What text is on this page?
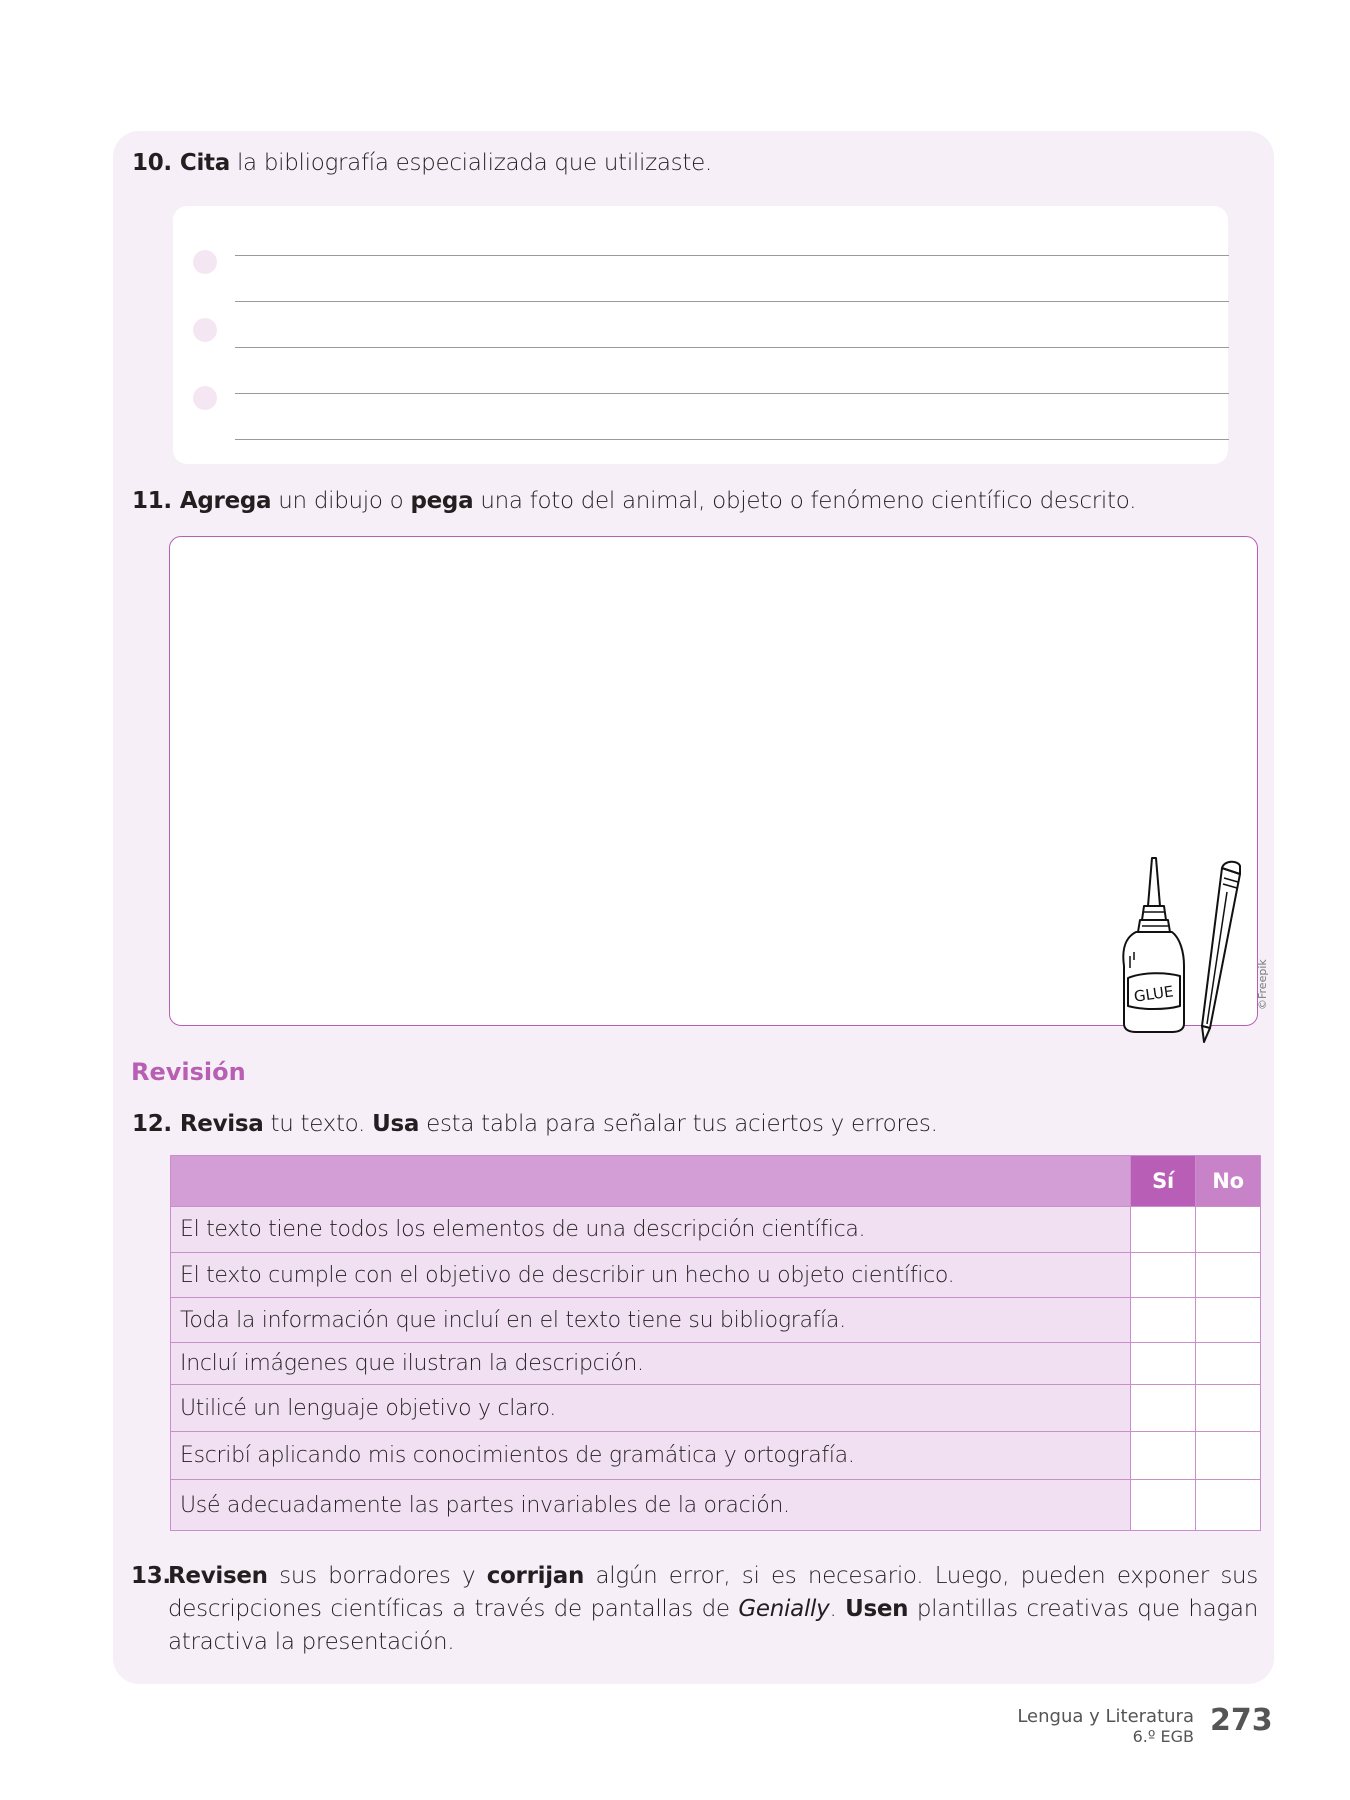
10. Cita la bibliografía especializada que utilizaste.
11. Agrega un dibujo o pega una foto del animal, objeto o fenómeno científico descrito.
GLUE	©Freepik
Revisión
12. Revisa tu texto. Usa esta tabla para señalar tus aciertos y errores.
	Sí	No
El texto tiene todos los elementos de una descripción científica.		
El texto cumple con el objetivo de describir un hecho u objeto científico.		
Toda la información que incluí en el texto tiene su bibliografía.		
Incluí imágenes que ilustran la descripción.		
Utilicé un lenguaje objetivo y claro.		
Escribí aplicando mis conocimientos de gramática y ortografía.		
Usé adecuadamente las partes invariables de la oración.		
13.
Revisen sus borradores y corrijan algún error, si es necesario. Luego, pueden exponer sus descripciones científicas a través de pantallas de Genially. Usen plantillas creativas que hagan atractiva la presentación.
Lengua y Literatura
6.º EGB 273
